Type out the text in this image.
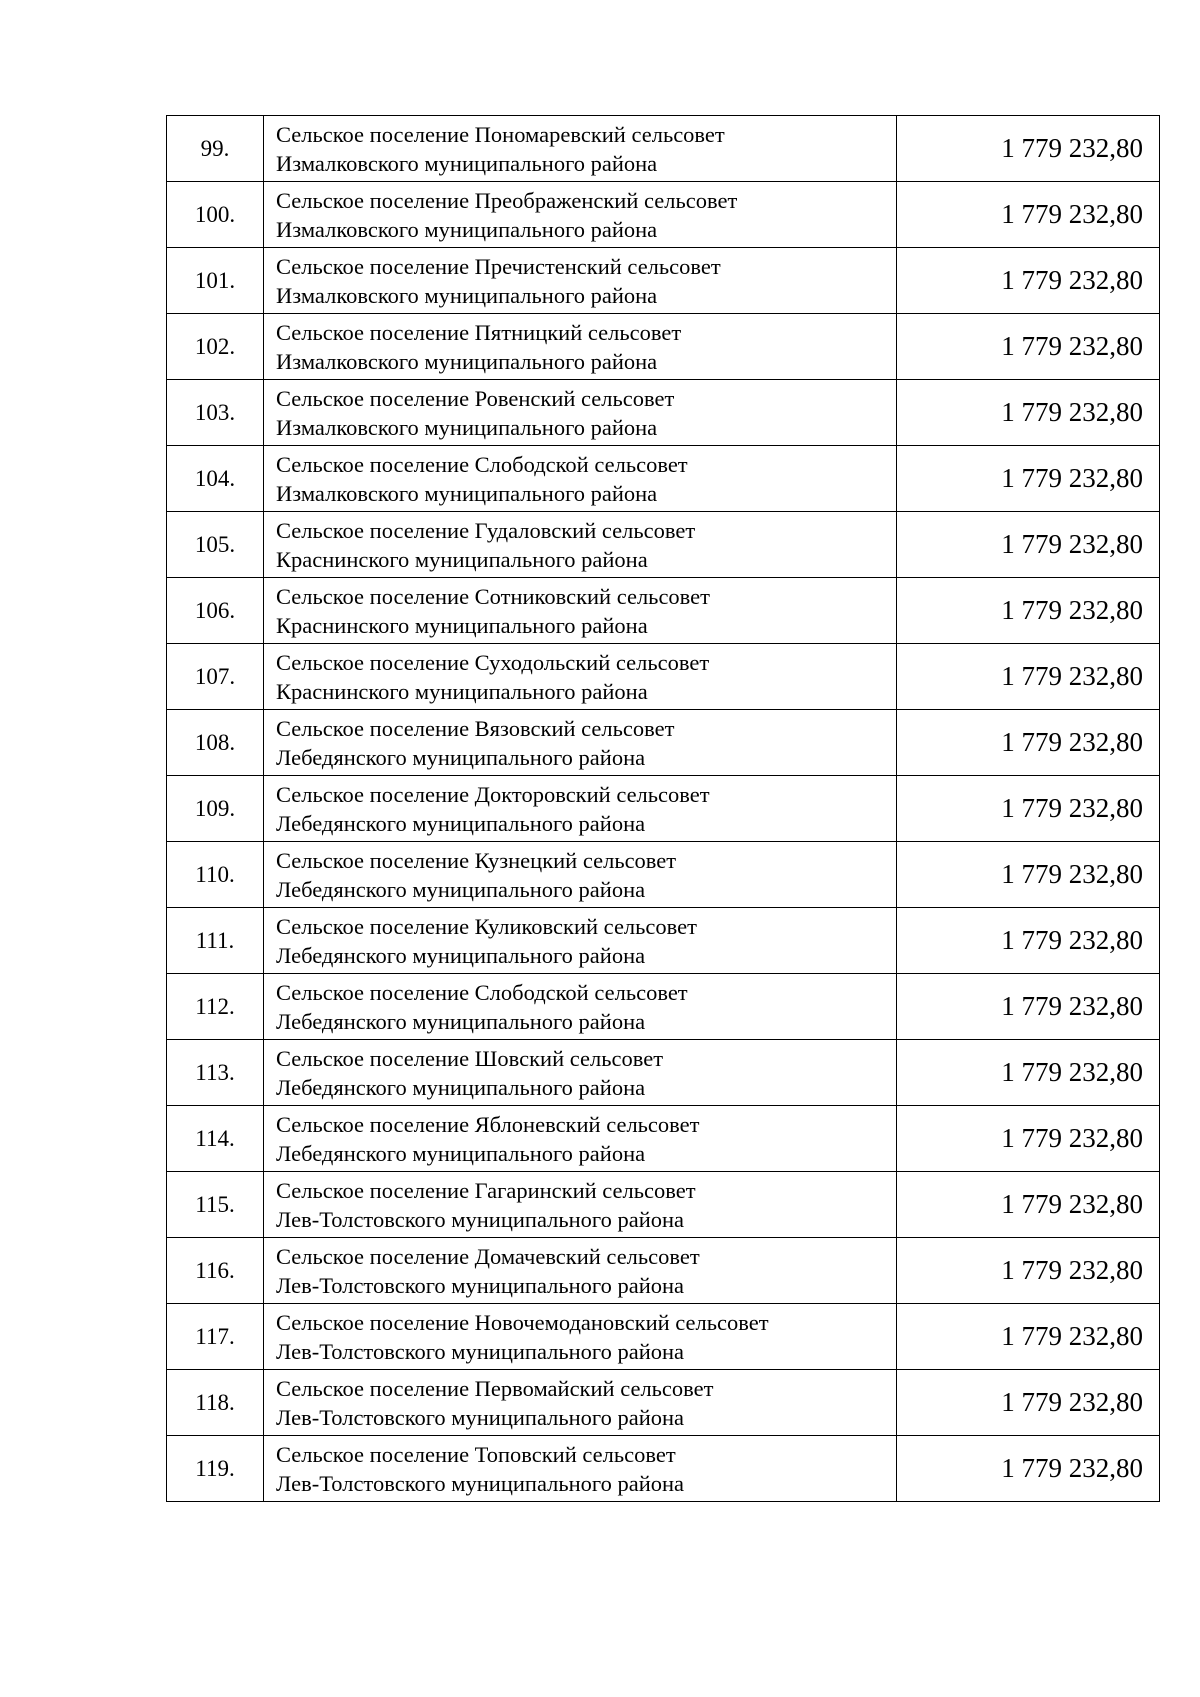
99.	Сельское поселение Пономаревский сельсовет
Измалковского муниципального района	1 779 232,80
100.	Сельское поселение Преображенский сельсовет
Измалковского муниципального района	1 779 232,80
101.	Сельское поселение Пречистенский сельсовет
Измалковского муниципального района	1 779 232,80
102.	Сельское поселение Пятницкий сельсовет
Измалковского муниципального района	1 779 232,80
103.	Сельское поселение Ровенский сельсовет
Измалковского муниципального района	1 779 232,80
104.	Сельское поселение Слободской сельсовет
Измалковского муниципального района	1 779 232,80
105.	Сельское поселение Гудаловский сельсовет
Краснинского муниципального района	1 779 232,80
106.	Сельское поселение Сотниковский сельсовет
Краснинского муниципального района	1 779 232,80
107.	Сельское поселение Суходольский сельсовет
Краснинского муниципального района	1 779 232,80
108.	Сельское поселение Вязовский сельсовет
Лебедянского муниципального района	1 779 232,80
109.	Сельское поселение Докторовский сельсовет
Лебедянского муниципального района	1 779 232,80
110.	Сельское поселение Кузнецкий сельсовет
Лебедянского муниципального района	1 779 232,80
111.	Сельское поселение Куликовский сельсовет
Лебедянского муниципального района	1 779 232,80
112.	Сельское поселение Слободской сельсовет
Лебедянского муниципального района	1 779 232,80
113.	Сельское поселение Шовский сельсовет
Лебедянского муниципального района	1 779 232,80
114.	Сельское поселение Яблоневский сельсовет
Лебедянского муниципального района	1 779 232,80
115.	Сельское поселение Гагаринский сельсовет
Лев-Толстовского муниципального района	1 779 232,80
116.	Сельское поселение Домачевский сельсовет
Лев-Толстовского муниципального района	1 779 232,80
117.	Сельское поселение Новочемодановский сельсовет
Лев-Толстовского муниципального района	1 779 232,80
118.	Сельское поселение Первомайский сельсовет
Лев-Толстовского муниципального района	1 779 232,80
119.	Сельское поселение Топовский сельсовет
Лев-Толстовского муниципального района	1 779 232,80
